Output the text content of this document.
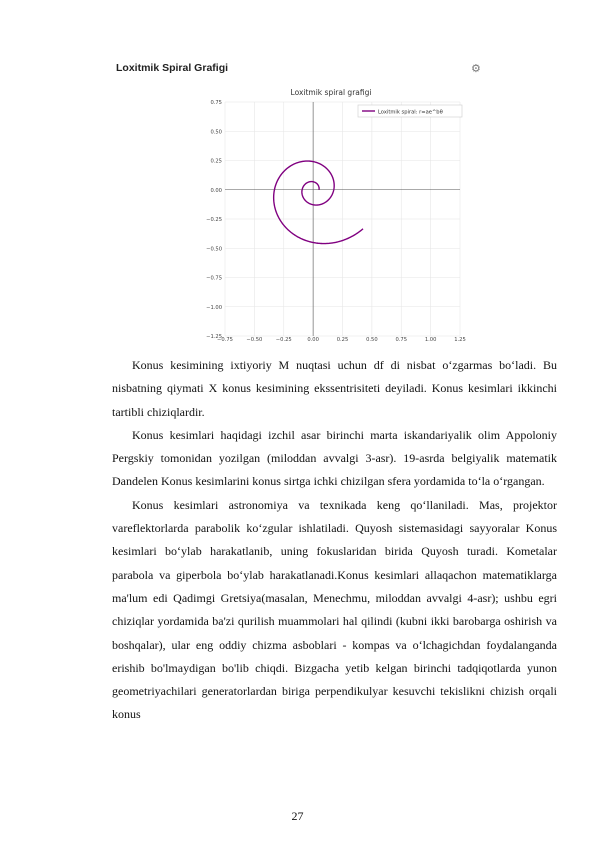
Loxitmik Spiral Grafigi	⚙
Loxitmik spiral grafigi
−0.75
0.75
−0.50
0.50
−0.25
0.25
0.00
0.00
0.25
−0.25
0.50
−0.50
0.75
−0.75
1.00
−1.00
1.25
−1.25
Loxitmik spiral: r=ae^bθ

Konus kesimining ixtiyoriy M nuqtasi uchun df di nisbat o‘zgarmas bo‘ladi. Bu nisbatning qiymati X konus kesimining ekssentrisiteti deyiladi. Konus kesimlari ikkinchi tartibli chiziqlardir.

Konus kesimlari haqidagi izchil asar birinchi marta iskandariyalik olim Appoloniy Pergskiy tomonidan yozilgan (miloddan avvalgi 3-asr). 19-asrda belgiyalik matematik Dandelen Konus kesimlarini konus sirtga ichki chizilgan sfera yordamida to‘la o‘rgangan.

Konus kesimlari astronomiya va texnikada keng qo‘llaniladi. Mas, projektor vareflektorlarda parabolik ko‘zgular ishlatiladi. Quyosh sistemasidagi sayyoralar Konus kesimlari bo‘ylab harakatlanib, uning fokuslaridan birida Quyosh turadi. Kometalar parabola va giperbola bo‘ylab harakatlanadi.Konus kesimlari allaqachon matematiklarga ma'lum edi Qadimgi Gretsiya(masalan, Menechmu, miloddan avvalgi 4-asr); ushbu egri chiziqlar yordamida ba'zi qurilish muammolari hal qilindi (kubni ikki barobarga oshirish va boshqalar), ular eng oddiy chizma asboblari - kompas va o‘lchagichdan foydalanganda erishib bo'lmaydigan bo'lib chiqdi. Bizgacha yetib kelgan birinchi tadqiqotlarda yunon geometriyachilari generatorlardan biriga perpendikulyar kesuvchi tekislikni chizish orqali konus

27
